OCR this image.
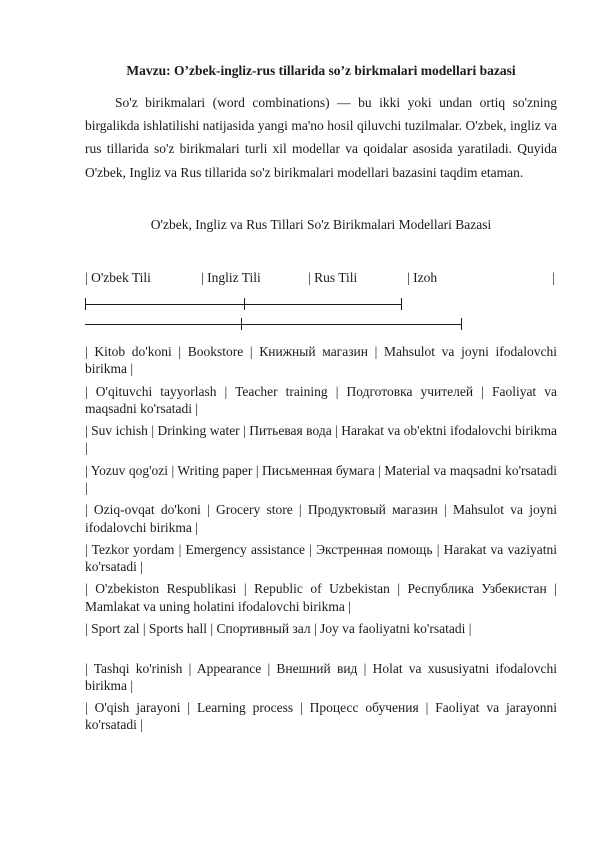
Mavzu: O’zbek-ingliz-rus tillarida so’z birkmalari modellari bazasi

So'z birikmalari (word combinations) — bu ikki yoki undan ortiq so'zning birgalikda ishlatilishi natijasida yangi ma'no hosil qiluvchi tuzilmalar. O'zbek, ingliz va rus tillarida so'z birikmalari turli xil modellar va qoidalar asosida yaratiladi. Quyida O'zbek, Ingliz va Rus tillarida so'z birikmalari modellari bazasini taqdim etaman.

O'zbek, Ingliz va Rus Tillari So'z Birikmalari Modellari Bazasi
| O'zbek Tili	| Ingliz Tili	| Rus Tili	| Izoh	|

| Kitob do'koni | Bookstore | Книжный магазин | Mahsulot va joyni ifodalovchi birikma |

| O'qituvchi tayyorlash | Teacher training | Подготовка учителей | Faoliyat va maqsadni ko'rsatadi |

| Suv ichish | Drinking water | Питьевая вода | Harakat va ob'ektni ifodalovchi birikma |

| Yozuv qog'ozi | Writing paper | Письменная бумага | Material va maqsadni ko'rsatadi |

| Oziq-ovqat do'koni | Grocery store | Продуктовый магазин | Mahsulot va joyni ifodalovchi birikma |

| Tezkor yordam | Emergency assistance | Экстренная помощь | Harakat va vaziyatni ko'rsatadi |

| O'zbekiston Respublikasi | Republic of Uzbekistan | Республика Узбекистан | Mamlakat va uning holatini ifodalovchi birikma |

| Sport zal | Sports hall | Спортивный зал | Joy va faoliyatni ko'rsatadi |

| Tashqi ko'rinish | Appearance | Внешний вид | Holat va xususiyatni ifodalovchi birikma |

| O'qish jarayoni | Learning process | Процесс обучения | Faoliyat va jarayonni ko'rsatadi |
